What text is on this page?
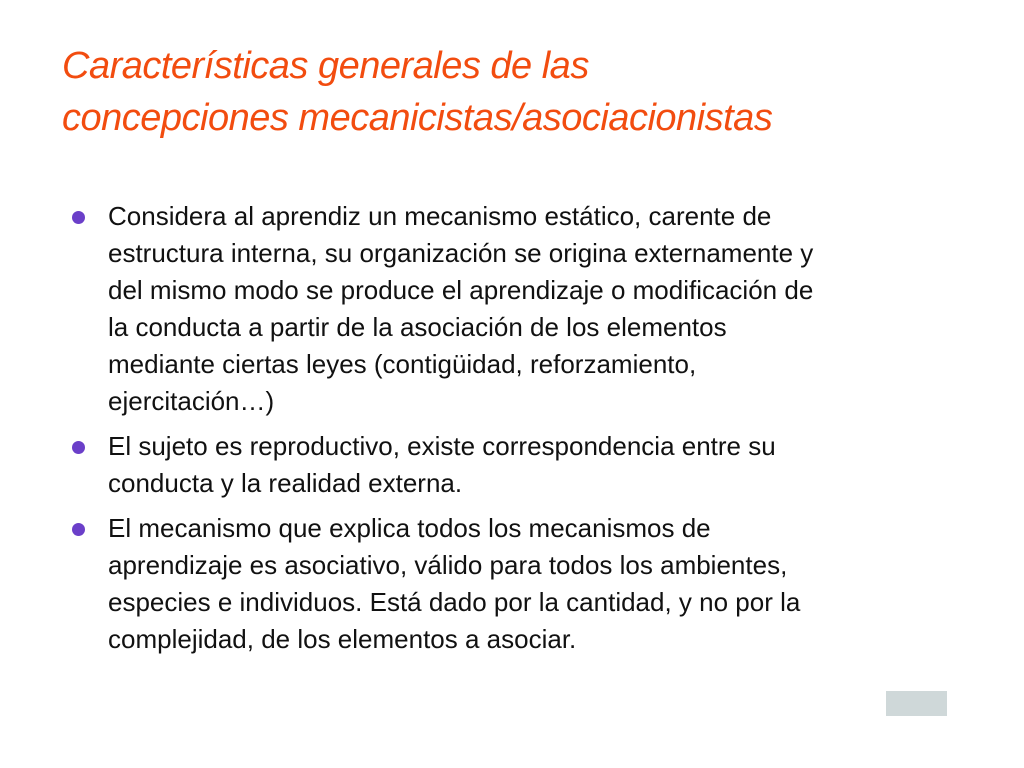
Características generales de las
concepciones mecanicistas/asociacionistas
Considera al aprendiz un mecanismo estático, carente de
estructura interna, su organización se origina externamente y
del mismo modo se produce el aprendizaje o modificación de
la conducta a partir de la asociación de los elementos
mediante ciertas leyes (contigüidad, reforzamiento,
ejercitación…)
El sujeto es reproductivo, existe correspondencia entre su
conducta y la realidad externa.
El mecanismo que explica todos los mecanismos de
aprendizaje es asociativo, válido para todos los ambientes,
especies e individuos. Está dado por la cantidad, y no por la
complejidad, de los elementos a asociar.
